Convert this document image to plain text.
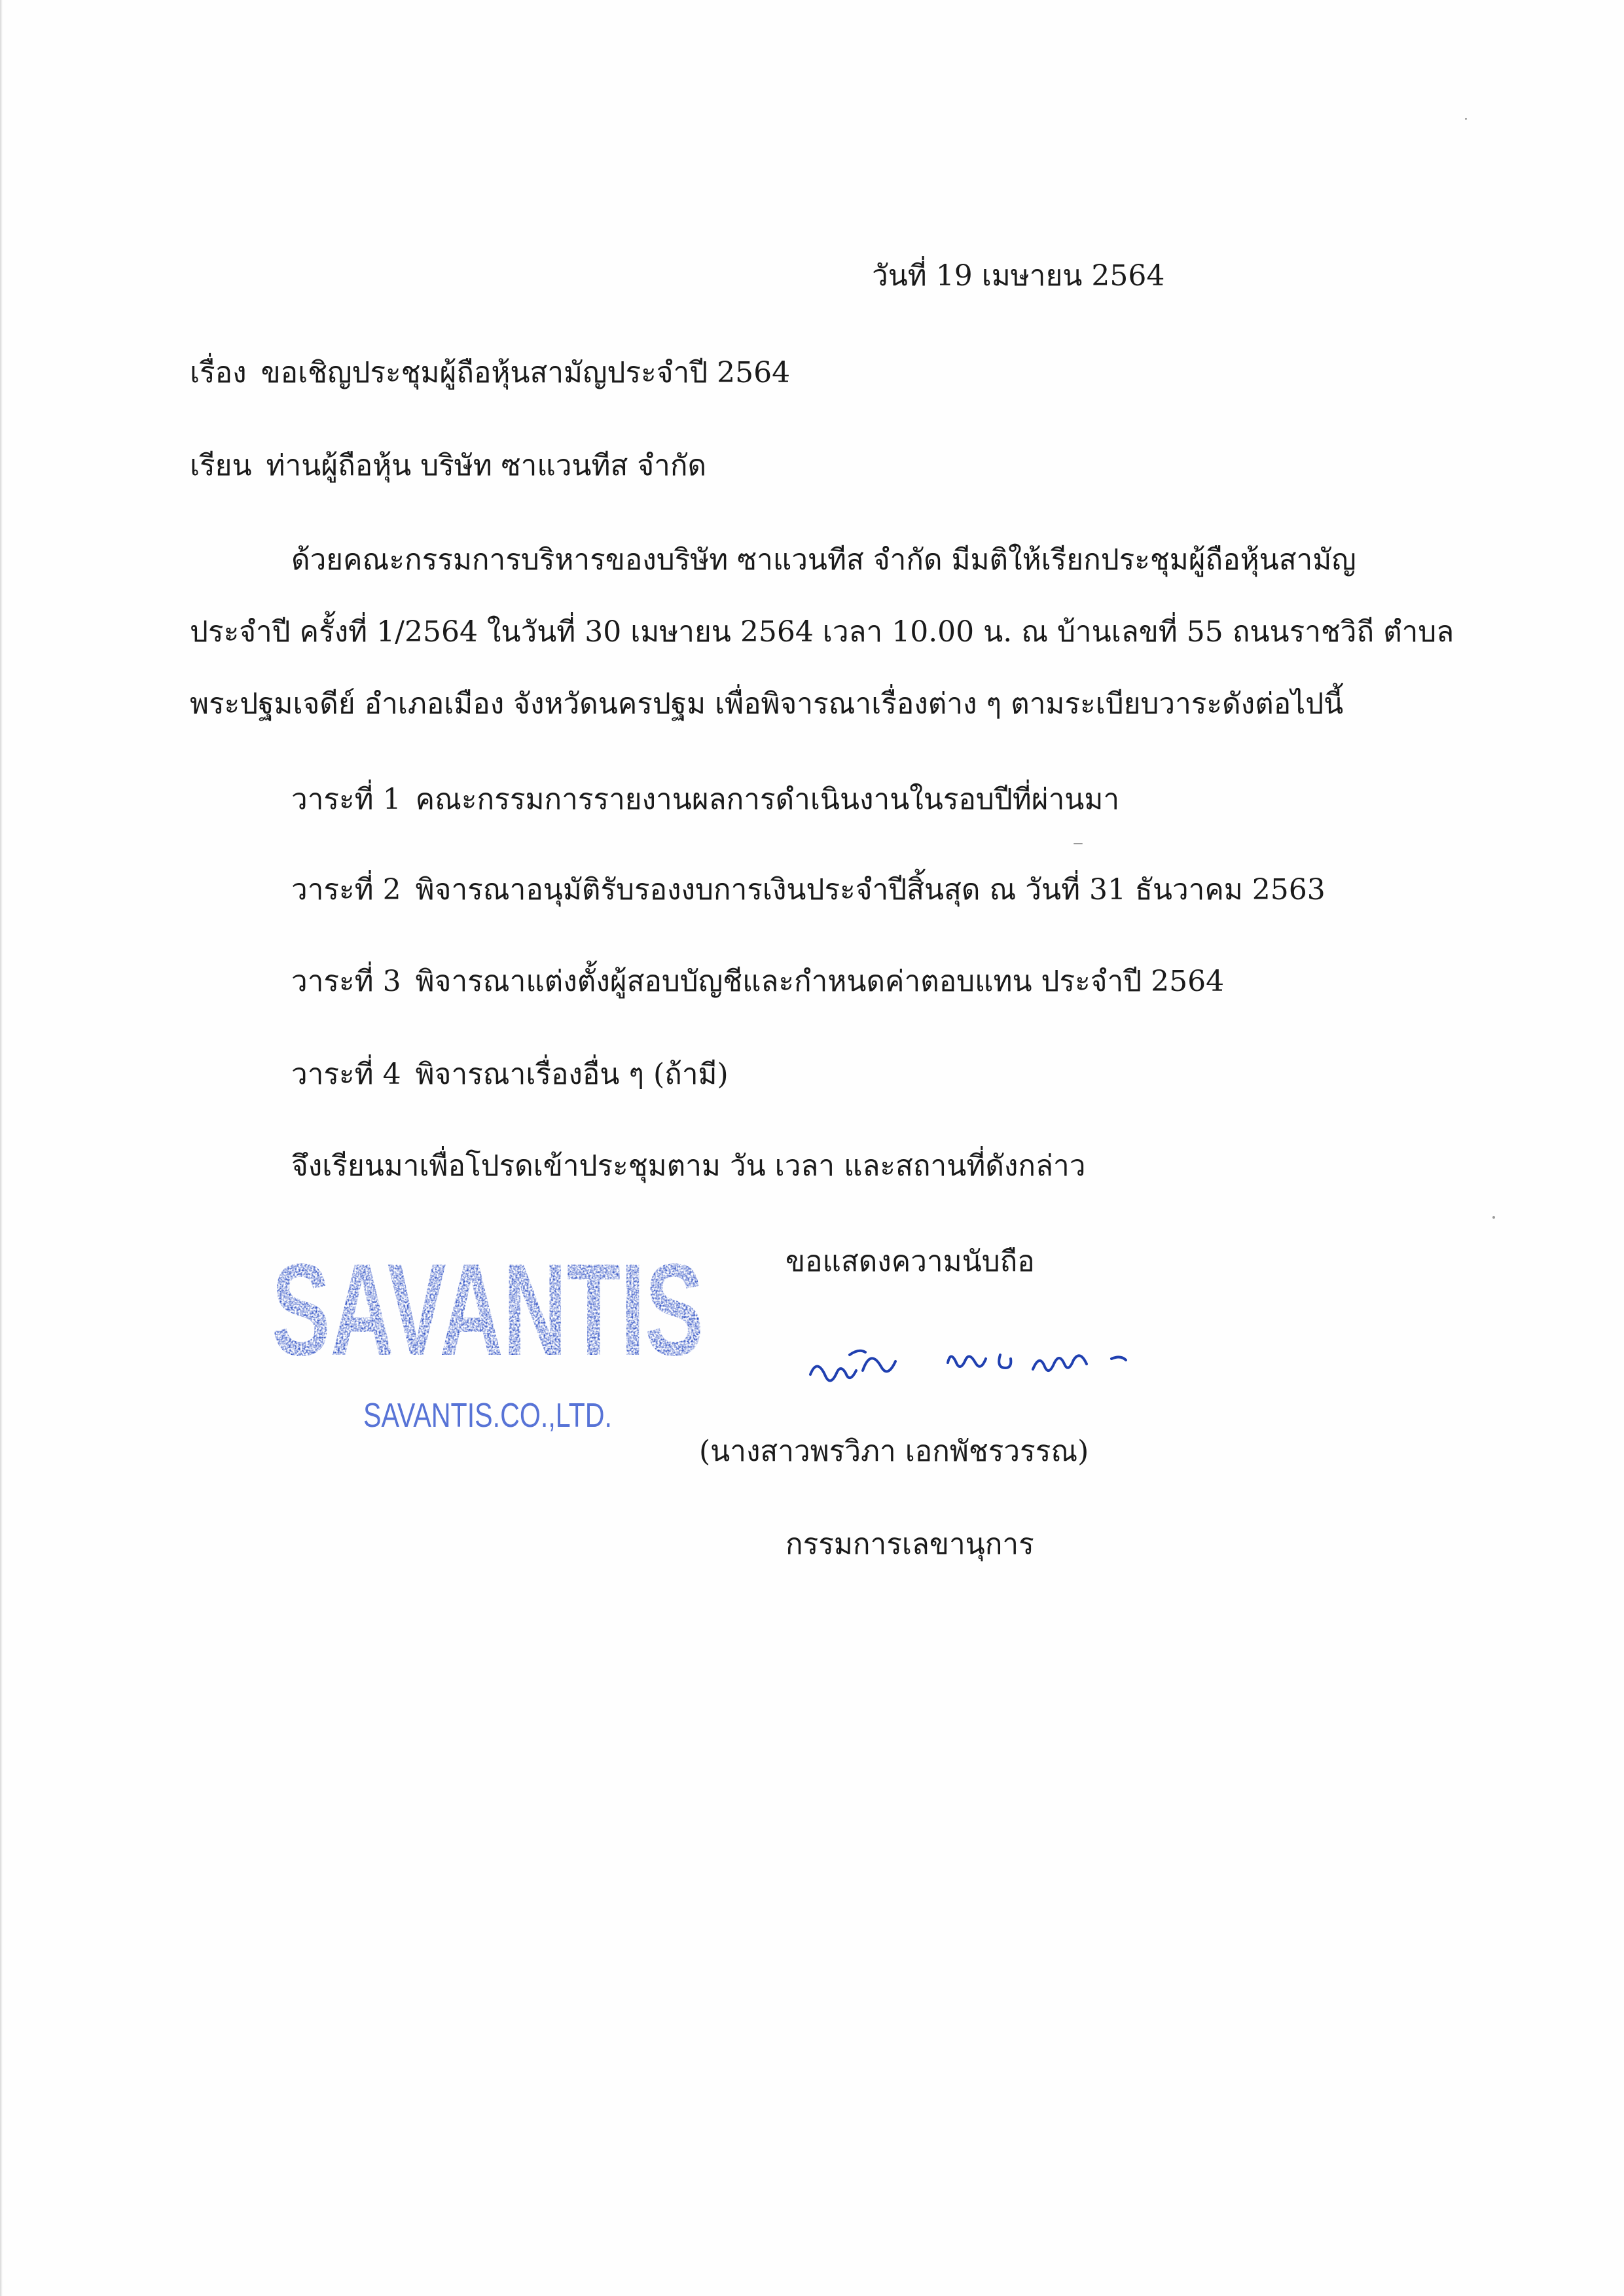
วันที่ 19 เมษายน 2564
เรื่อง ขอเชิญประชุมผู้ถือหุ้นสามัญประจำปี 2564
เรียน ท่านผู้ถือหุ้น บริษัท ซาแวนทีส จำกัด
ด้วยคณะกรรมการบริหารของบริษัท ซาแวนทีส จำกัด มีมติให้เรียกประชุมผู้ถือหุ้นสามัญ
ประจำปี ครั้งที่ 1/2564 ในวันที่ 30 เมษายน 2564 เวลา 10.00 น. ณ บ้านเลขที่ 55 ถนนราชวิถี ตำบล
พระปฐมเจดีย์ อำเภอเมือง จังหวัดนครปฐม เพื่อพิจารณาเรื่องต่าง ๆ ตามระเบียบวาระดังต่อไปนี้
วาระที่ 1 คณะกรรมการรายงานผลการดำเนินงานในรอบปีที่ผ่านมา
วาระที่ 2 พิจารณาอนุมัติรับรองงบการเงินประจำปีสิ้นสุด ณ วันที่ 31 ธันวาคม 2563
วาระที่ 3 พิจารณาแต่งตั้งผู้สอบบัญชีและกำหนดค่าตอบแทน ประจำปี 2564
วาระที่ 4 พิจารณาเรื่องอื่น ๆ (ถ้ามี)
จึงเรียนมาเพื่อโปรดเข้าประชุมตาม วัน เวลา และสถานที่ดังกล่าว
ขอแสดงความนับถือ
SAVANTIS
SAVANTIS.CO.,LTD.
(นางสาวพรวิภา เอกพัชรวรรณ)
กรรมการเลขานุการ
